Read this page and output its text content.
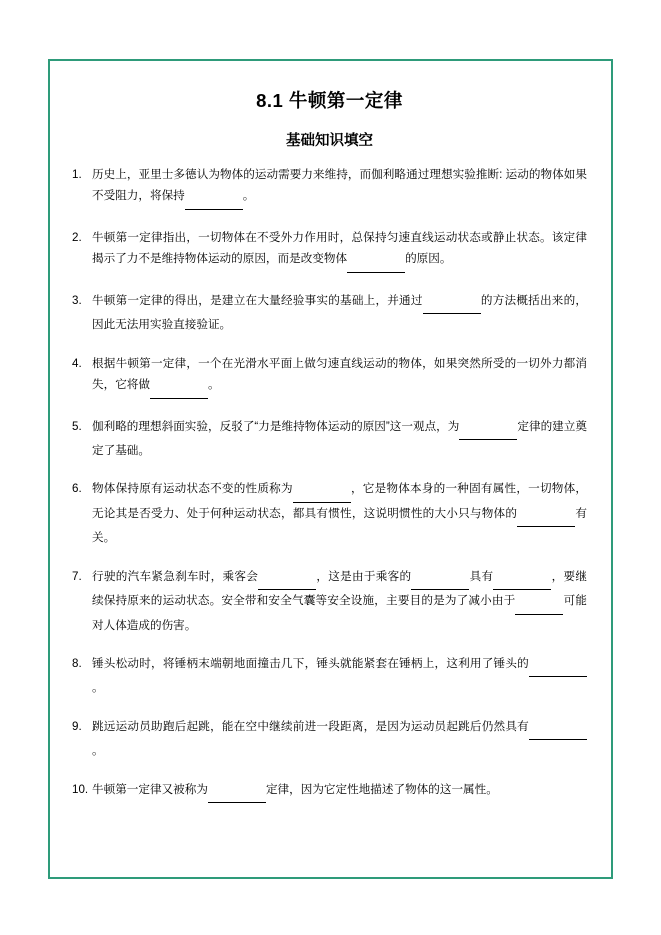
8.1 牛顿第一定律
基础知识填空
1. 历史上，亚里士多德认为物体的运动需要力来维持，而伽利略通过理想实验推断: 运动的物体如果不受阻力，将保持	。
2. 牛顿第一定律指出，一切物体在不受外力作用时，总保持匀速直线运动状态或静止状态。该定律揭示了力不是维持物体运动的原因，而是改变物体	的原因。
3. 牛顿第一定律的得出，是建立在大量经验事实的基础上，并通过	的方法概括出来的，因此无法用实验直接验证。
4. 根据牛顿第一定律，一个在光滑水平面上做匀速直线运动的物体，如果突然所受的一切外力都消失，它将做	。
5. 伽利略的理想斜面实验，反驳了“力是维持物体运动的原因”这一观点，为	定律的建立奠定了基础。
6. 物体保持原有运动状态不变的性质称为	，它是物体本身的一种固有属性，一切物体，无论其是否受力、处于何种运动状态，都具有惯性，这说明惯性的大小只与物体的	有关。
7. 行驶的汽车紧急刹车时，乘客会	，这是由于乘客的	具有	，要继续保持原来的运动状态。安全带和安全气囊等安全设施，主要目的是为了减小由于	可能对人体造成的伤害。
8. 锤头松动时，将锤柄末端朝地面撞击几下，锤头就能紧套在锤柄上，这利用了锤头的 。
9. 跳远运动员助跑后起跳，能在空中继续前进一段距离，是因为运动员起跳后仍然具有 。
10. 牛顿第一定律又被称为	定律，因为它定性地描述了物体的这一属性。
